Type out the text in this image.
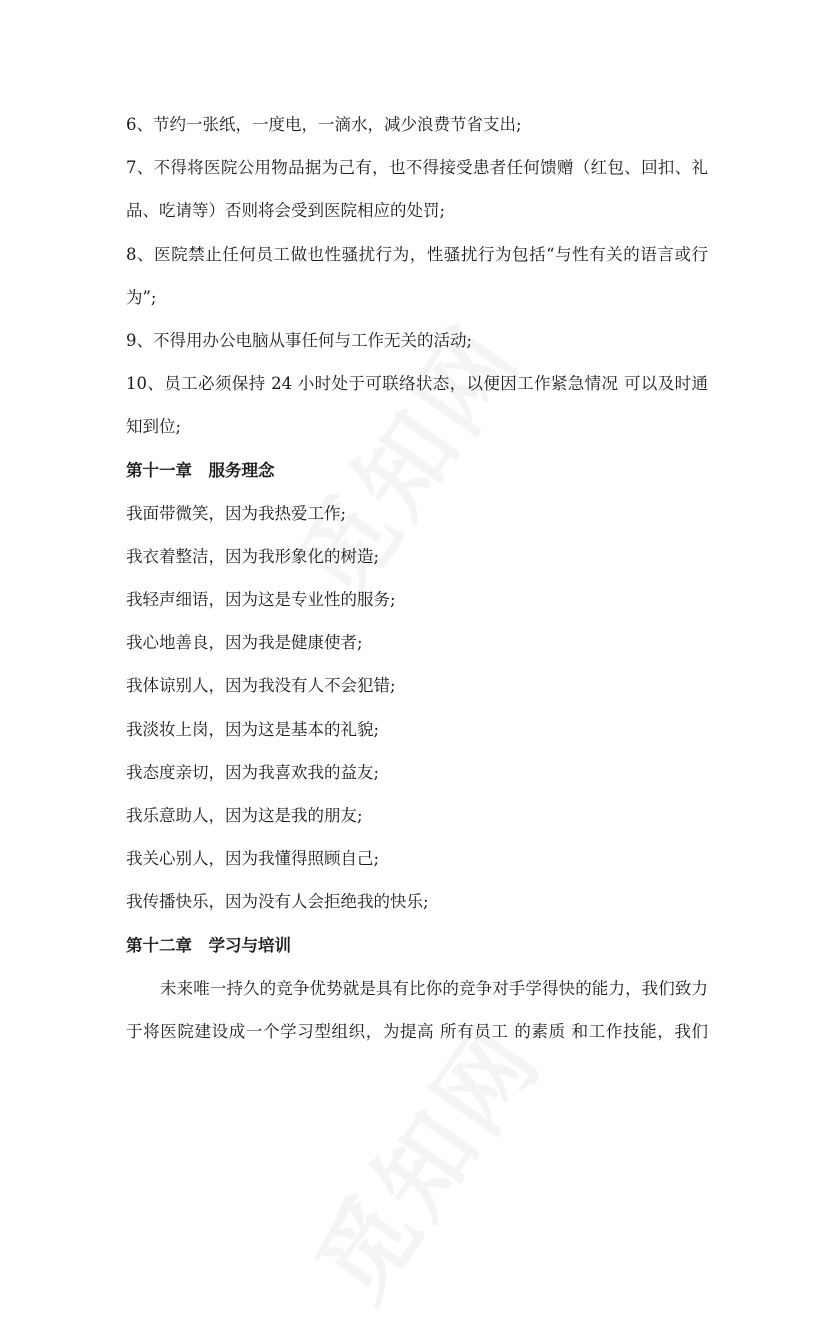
6、节约一张纸，一度电，一滴水，减少浪费节省支出;
7、不得将医院公用物品据为己有，也不得接受患者任何馈赠（红包、回扣、礼
品、吃请等）否则将会受到医院相应的处罚;
8、医院禁止任何员工做也性骚扰行为，性骚扰行为包括“与性有关的语言或行
为”;
9、不得用办公电脑从事任何与工作无关的活动;
10、员工必须保持 24 小时处于可联络状态，以便因工作紧急情况 可以及时通
知到位;
第十一章　服务理念
我面带微笑，因为我热爱工作;
我衣着整洁，因为我形象化的树造;
我轻声细语，因为这是专业性的服务;
我心地善良，因为我是健康使者;
我体谅别人，因为我没有人不会犯错;
我淡妆上岗，因为这是基本的礼貌;
我态度亲切，因为我喜欢我的益友;
我乐意助人，因为这是我的朋友;
我关心别人，因为我懂得照顾自己;
我传播快乐，因为没有人会拒绝我的快乐;
第十二章　学习与培训
未来唯一持久的竞争优势就是具有比你的竞争对手学得快的能力，我们致力
于将医院建设成一个学习型组织，为提高 所有员工 的素质 和工作技能，我们
